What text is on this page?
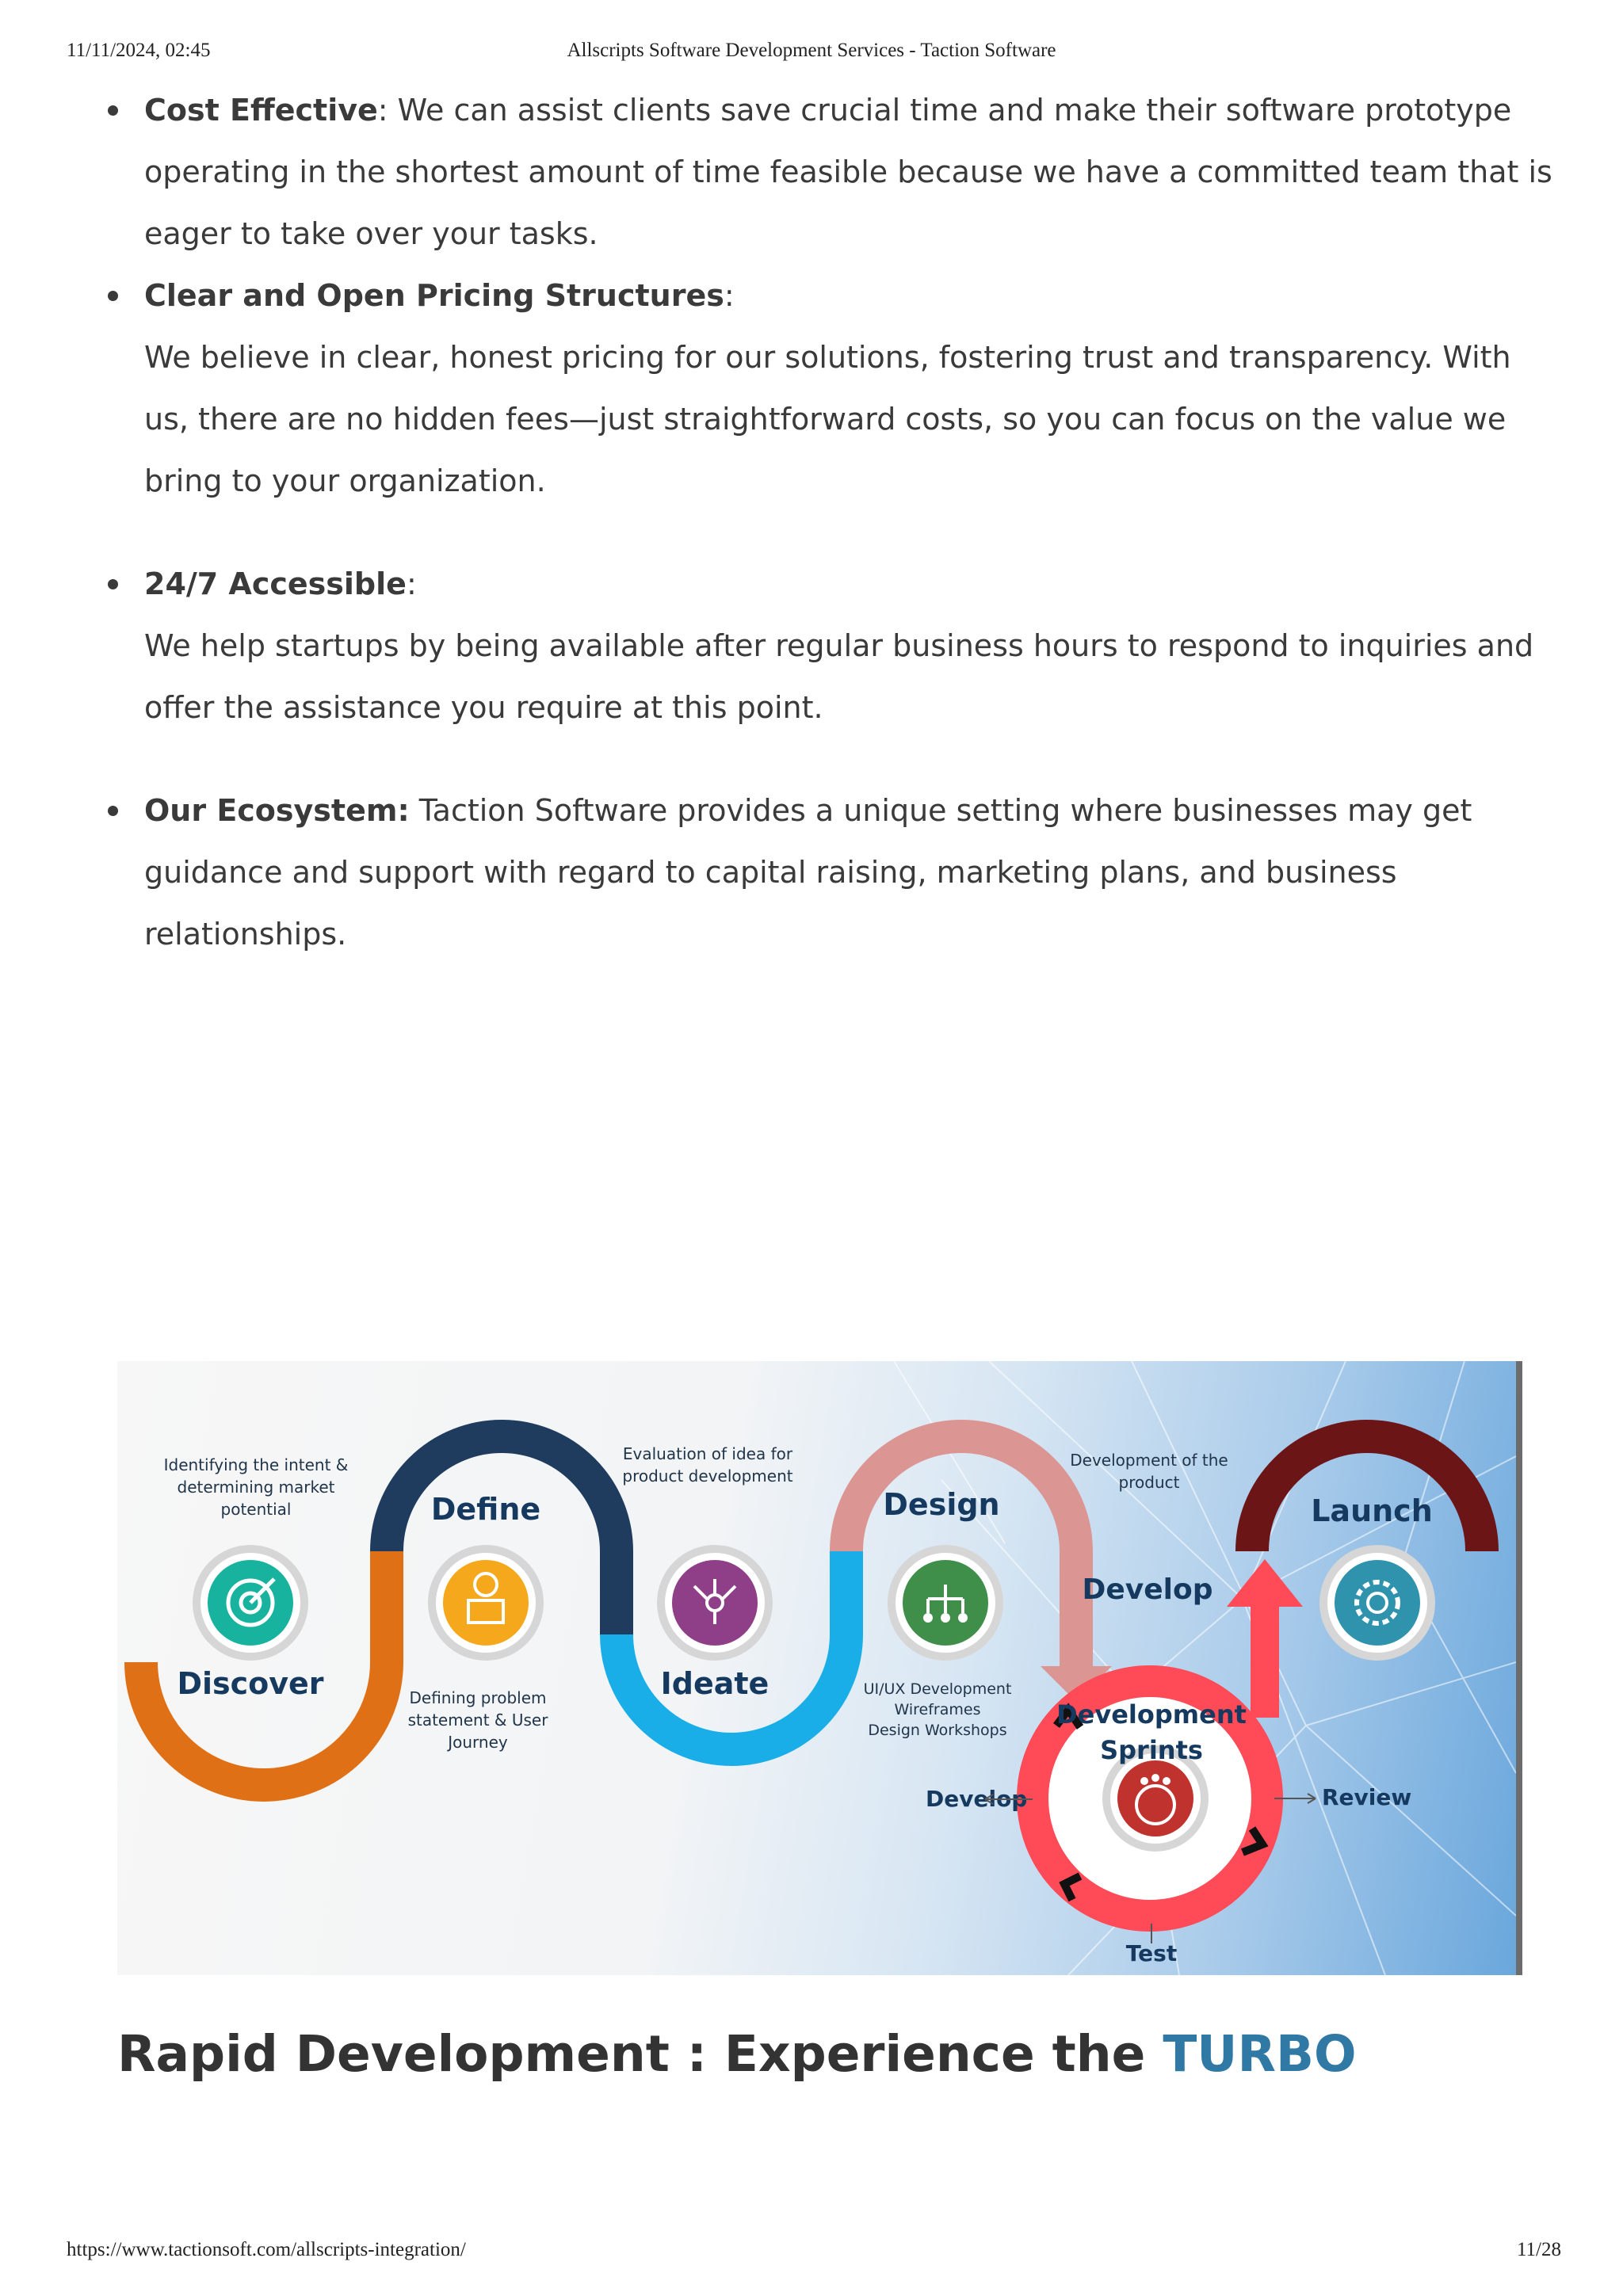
11/11/2024, 02:45	Allscripts Software Development Services - Taction Software
Cost Effective: We can assist clients save crucial time and make their software prototype operating in the shortest amount of time feasible because we have a committed team that is eager to take over your tasks.
Clear and Open Pricing Structures:
We believe in clear, honest pricing for our solutions, fostering trust and transparency. With us, there are no hidden fees—just straightforward costs, so you can focus on the value we bring to your organization.
24/7 Accessible:
We help startups by being available after regular business hours to respond to inquiries and offer the assistance you require at this point.
Our Ecosystem: Taction Software provides a unique setting where businesses may get guidance and support with regard to capital raising, marketing plans, and business relationships.
Discover
Identifying the intent &
determining market
potential	Define
Defining problem
statement & User
Journey
Ideate
Evaluation of idea for
product development
Design
UI/UX Development
Wireframes
Design Workshops
Develop
Development of the
product
Development
Sprints
Develop	Review
Test
Launch
Rapid Development : Experience the TURBO
https://www.tactionsoft.com/allscripts-integration/	11/28
